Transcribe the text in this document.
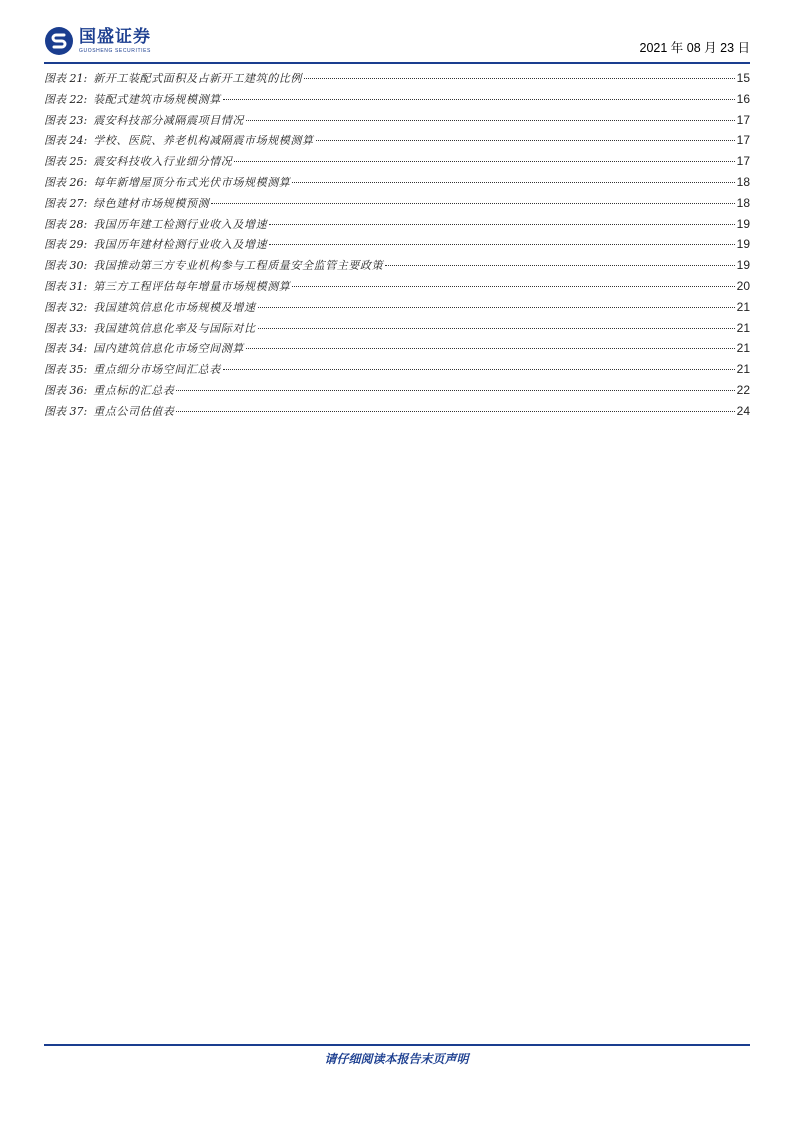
国盛证券
GUOSHENG SECURITIES	2021 年 08 月 23 日
图表 21: 新开工装配式面积及占新开工建筑的比例	15
图表 22: 装配式建筑市场规模测算	16
图表 23: 震安科技部分减隔震项目情况	17
图表 24: 学校、医院、养老机构减隔震市场规模测算	17
图表 25: 震安科技收入行业细分情况	17
图表 26: 每年新增屋顶分布式光伏市场规模测算	18
图表 27: 绿色建材市场规模预测	18
图表 28: 我国历年建工检测行业收入及增速	19
图表 29: 我国历年建材检测行业收入及增速	19
图表 30: 我国推动第三方专业机构参与工程质量安全监管主要政策	19
图表 31: 第三方工程评估每年增量市场规模测算	20
图表 32: 我国建筑信息化市场规模及增速	21
图表 33: 我国建筑信息化率及与国际对比	21
图表 34: 国内建筑信息化市场空间测算	21
图表 35: 重点细分市场空间汇总表	21
图表 36: 重点标的汇总表	22
图表 37: 重点公司估值表	24
请仔细阅读本报告末页声明
